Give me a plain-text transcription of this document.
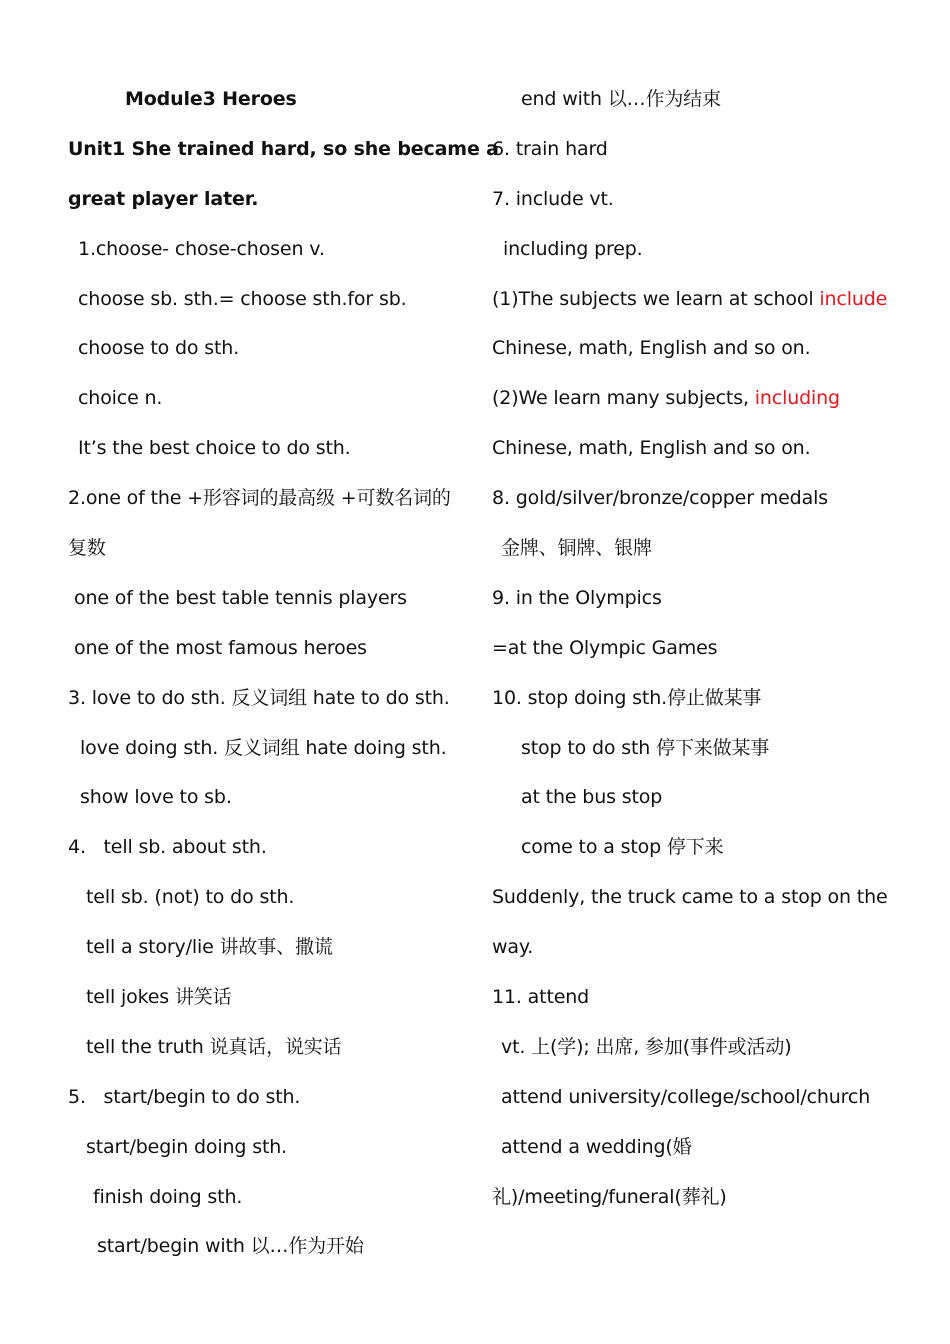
Module3 Heroes
Unit1 She trained hard, so she became a
great player later.
1.choose- chose-chosen v.
choose sb. sth.= choose sth.for sb.
choose to do sth.
choice n.
It’s the best choice to do sth.
2.one of the +形容词的最高级 +可数名词的
复数
one of the best table tennis players
one of the most famous heroes
3. love to do sth. 反义词组 hate to do sth.
love doing sth. 反义词组 hate doing sth.
show love to sb.
4.   tell sb. about sth.
tell sb. (not) to do sth.
tell a story/lie 讲故事、撒谎
tell jokes 讲笑话
tell the truth 说真话，说实话
5.   start/begin to do sth.
start/begin doing sth.
finish doing sth.
start/begin with 以…作为开始
end with 以…作为结束
6. train hard
7. include vt.
including prep.
(1)The subjects we learn at school include
Chinese, math, English and so on.
(2)We learn many subjects, including
Chinese, math, English and so on.
8. gold/silver/bronze/copper medals
金牌、铜牌、银牌
9. in the Olympics
=at the Olympic Games
10. stop doing sth.停止做某事
stop to do sth 停下来做某事
at the bus stop
come to a stop 停下来
Suddenly, the truck came to a stop on the
way.
11. attend
vt. 上(学); 出席, 参加(事件或活动)
attend university/college/school/church
attend a wedding(婚
礼)/meeting/funeral(葬礼)
